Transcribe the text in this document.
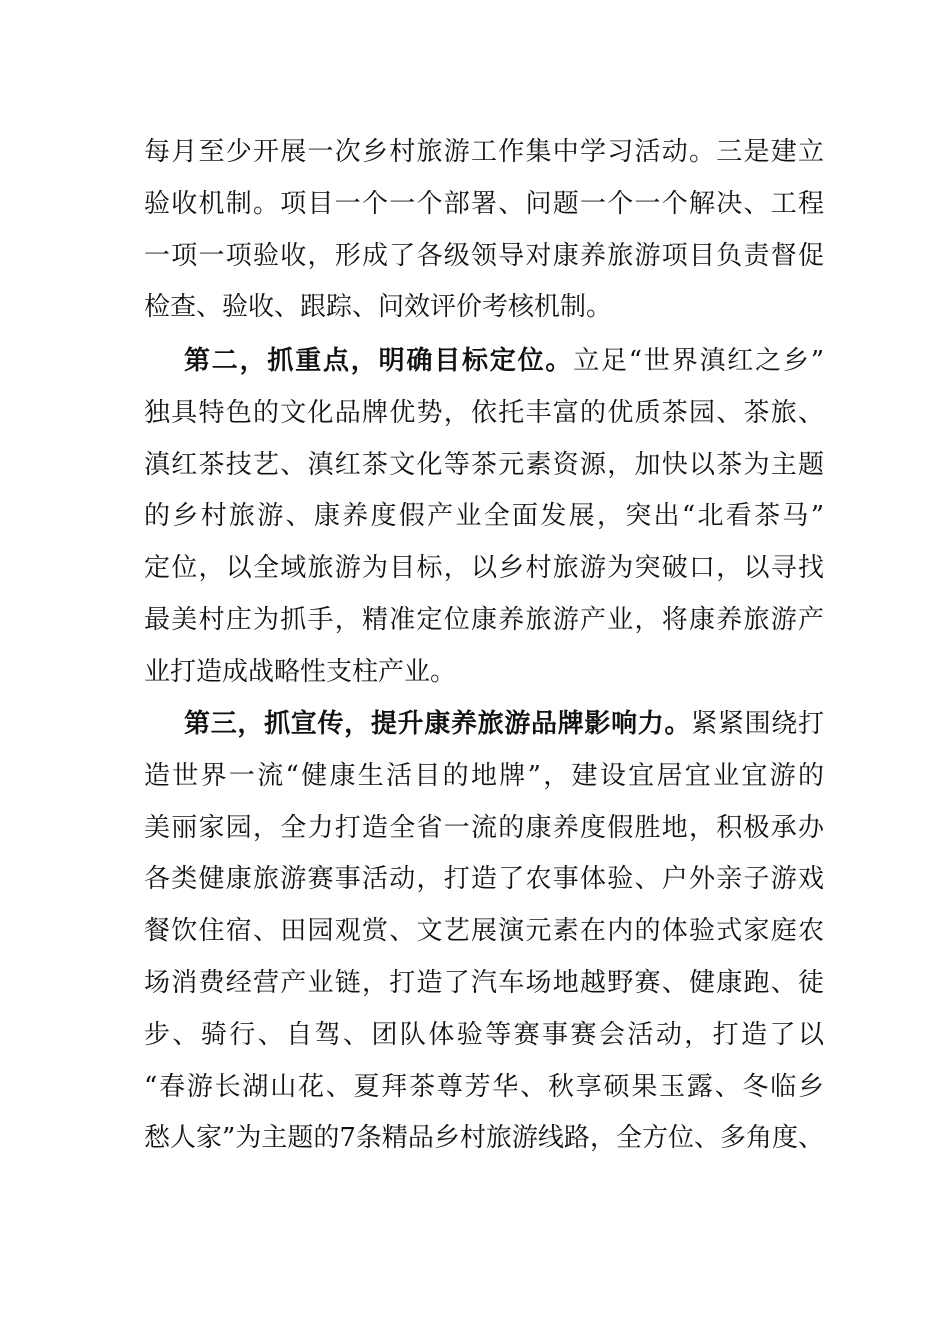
每月至少开展一次乡村旅游工作集中学习活动。三是建立
验收机制。项目一个一个部署、问题一个一个解决、工程
一项一项验收，形成了各级领导对康养旅游项目负责督促
检查、验收、跟踪、问效评价考核机制。
第二，抓重点，明确目标定位。立足“世界滇红之乡”
独具特色的文化品牌优势，依托丰富的优质茶园、茶旅、
滇红茶技艺、滇红茶文化等茶元素资源，加快以茶为主题
的乡村旅游、康养度假产业全面发展，突出“北看茶马”
定位，以全域旅游为目标，以乡村旅游为突破口，以寻找
最美村庄为抓手，精准定位康养旅游产业，将康养旅游产
业打造成战略性支柱产业。
第三，抓宣传，提升康养旅游品牌影响力。紧紧围绕打
造世界一流“健康生活目的地牌”，建设宜居宜业宜游的
美丽家园，全力打造全省一流的康养度假胜地，积极承办
各类健康旅游赛事活动，打造了农事体验、户外亲子游戏
餐饮住宿、田园观赏、文艺展演元素在内的体验式家庭农
场消费经营产业链，打造了汽车场地越野赛、健康跑、徒
步、骑行、自驾、团队体验等赛事赛会活动，打造了以
“春游长湖山花、夏拜茶尊芳华、秋享硕果玉露、冬临乡
愁人家”为主题的7条精品乡村旅游线路，全方位、多角度、
